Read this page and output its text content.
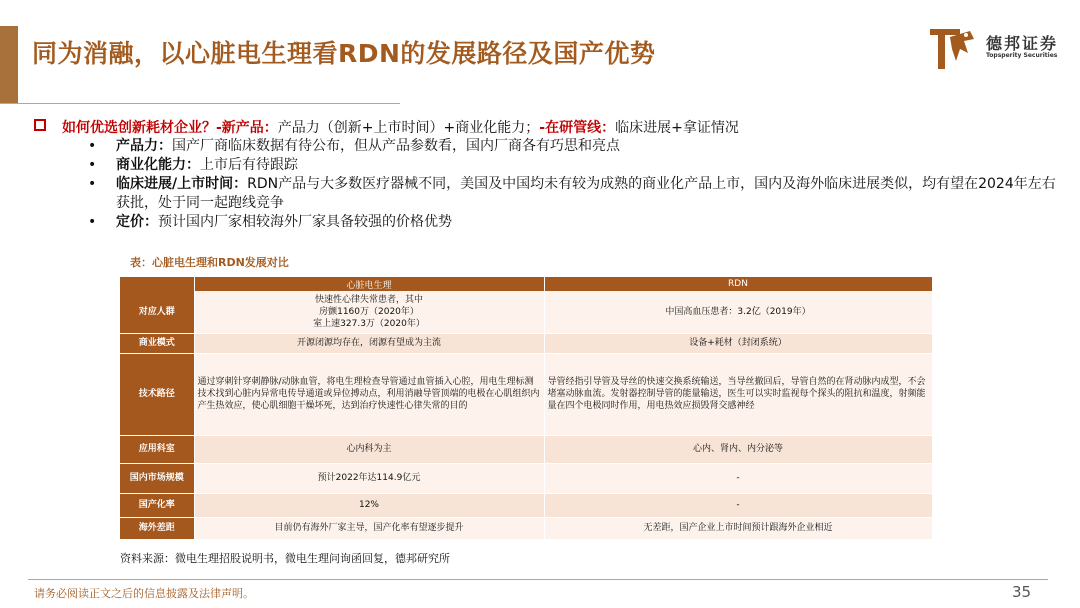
同为消融，以心脏电生理看RDN的发展路径及国产优势	德邦证券
Topsperity Securities
如何优选创新耗材企业？-新产品：产品力（创新+上市时间）+商业化能力；-在研管线：临床进展+拿证情况
• 产品力：国产厂商临床数据有待公布，但从产品参数看，国内厂商各有巧思和亮点
• 商业化能力：上市后有待跟踪
• 临床进展/上市时间：RDN产品与大多数医疗器械不同，美国及中国均未有较为成熟的商业化产品上市，国内及海外临床进展类似，均有望在2024年左右获批，处于同一起跑线竞争
• 定价：预计国内厂家相较海外厂家具备较强的价格优势
表：心脏电生理和RDN发展对比
	心脏电生理	RDN
对应人群	快速性心律失常患者，其中
房颤1160万（2020年）
室上速327.3万（2020年）	中国高血压患者：3.2亿（2019年）
商业模式	开源闭源均存在，闭源有望成为主流	设备+耗材（封闭系统）
技术路径	通过穿刺针穿刺静脉/动脉血管，将电生理检查导管通过血管插入心腔，用电生理标测技术找到心脏内异常电传导通道或异位搏动点，利用消融导管顶端的电极在心肌组织内产生热效应，使心肌细胞干燥坏死，达到治疗快速性心律失常的目的	导管经指引导管及导丝的快速交换系统输送，当导丝撤回后，导管自然的在肾动脉内成型，不会堵塞动脉血流。发射器控制导管的能量输送，医生可以实时监视每个探头的阻抗和温度，射频能量在四个电极同时作用，用电热效应损毁肾交感神经
应用科室	心内科为主	心内、肾内、内分泌等
国内市场规模	预计2022年达114.9亿元	-
国产化率	12%	-
海外差距	目前仍有海外厂家主导，国产化率有望逐步提升	无差距，国产企业上市时间预计跟海外企业相近
资料来源：微电生理招股说明书，微电生理问询函回复，德邦研究所
请务必阅读正文之后的信息披露及法律声明。	35
